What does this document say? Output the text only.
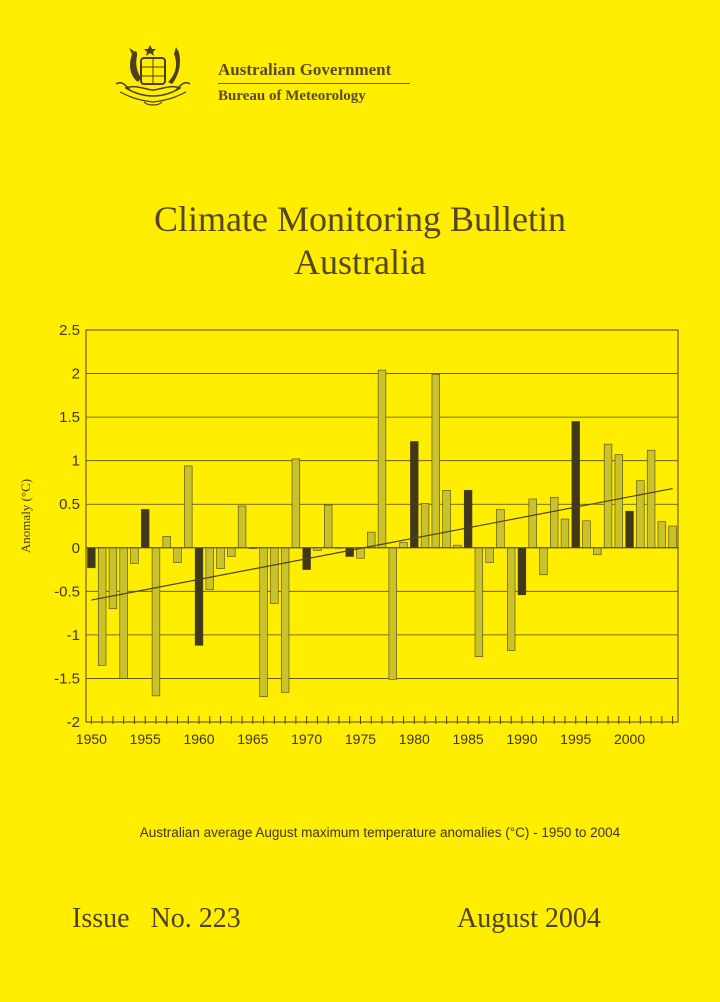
Australian Government
Bureau of Meteorology
Climate Monitoring Bulletin
Australia
2.5
2
1.5
1
0.5
0
-0.5
-1
-1.5
-2
Anomaly (°C)
1950 1955 1960 1965 1970 1975 1980 1985 1990 1995 2000
Australian average August maximum temperature anomalies (°C) - 1950 to 2004
Issue   No. 223	August 2004
